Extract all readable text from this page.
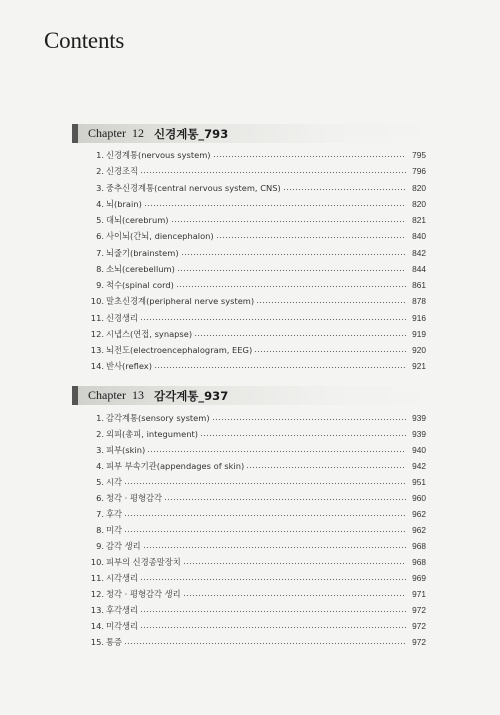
Contents
Chapter 12 신경계통_793
1. 신경계통(nervous system)	795
2. 신경조직	796
3. 중추신경계통(central nervous system, CNS)	820
4. 뇌(brain)	820
5. 대뇌(cerebrum)	821
6. 사이뇌(간뇌, diencephalon)	840
7. 뇌줄기(brainstem)	842
8. 소뇌(cerebellum)	844
9. 척수(spinal cord)	861
10. 말초신경계(peripheral nerve system)	878
11. 신경생리	916
12. 시냅스(연접, synapse)	919
13. 뇌전도(electroencephalogram, EEG)	920
14. 반사(reflex)	921
Chapter 13 감각계통_937
1. 감각계통(sensory system)	939
2. 외피(총피, integument)	939
3. 피부(skin)	940
4. 피부 부속기관(appendages of skin)	942
5. 시각	951
6. 청각 · 평형감각	960
7. 후각	962
8. 미각	962
9. 감각 생리	968
10. 피부의 신경종말장치	968
11. 시각생리	969
12. 청각 · 평형감각 생리	971
13. 후각생리	972
14. 미각생리	972
15. 통증	972
